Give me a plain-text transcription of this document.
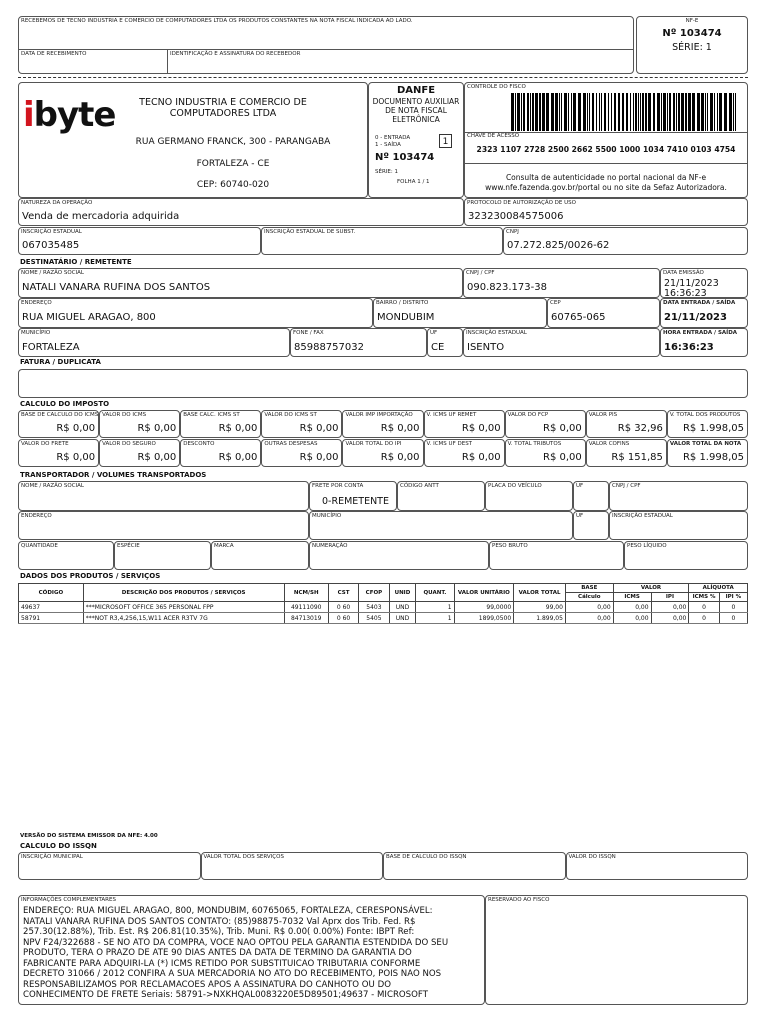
RECEBEMOS DE TECNO INDUSTRIA E COMERCIO DE COMPUTADORES LTDA OS PRODUTOS CONSTANTES NA NOTA FISCAL INDICADA AO LADO.
DATA DE RECEBIMENTO	IDENTIFICAÇÃO E ASSINATURA DO RECEBEDOR
NF-E
Nº 103474
SÉRIE: 1
ibyte	TECNO INDUSTRIA E COMERCIO DE COMPUTADORES LTDA
RUA GERMANO FRANCK, 300 - PARANGABA
FORTALEZA - CE
CEP: 60740-020
DANFE
DOCUMENTO AUXILIAR DE NOTA FISCAL ELETRÔNICA
0 - ENTRADA
1 - SAÍDA	1
Nº 103474
SÉRIE: 1
FOLHA 1 / 1
CONTROLE DO FISCO
CHAVE DE ACESSO
2323 1107 2728 2500 2662 5500 1000 1034 7410 0103 4754
Consulta de autenticidade no portal nacional da NF-e
www.nfe.fazenda.gov.br/portal ou no site da Sefaz Autorizadora.
NATUREZA DA OPERAÇÃO
Venda de mercadoria adquirida
PROTOCOLO DE AUTORIZAÇÃO DE USO
323230084575006
INSCRIÇÃO ESTADUAL
067035485
INSCRIÇÃO ESTADUAL DE SUBST.	CNPJ
07.272.825/0026-62
DESTINATÁRIO / REMETENTE
NOME / RAZÃO SOCIAL
NATALI VANARA RUFINA DOS SANTOS
CNPJ / CPF
090.823.173-38
DATA EMISSÃO
21/11/2023
16:36:23
ENDEREÇO
RUA MIGUEL ARAGAO, 800
BAIRRO / DISTRITO
MONDUBIM
CEP
60765-065
DATA ENTRADA / SAÍDA
21/11/2023
MUNICÍPIO
FORTALEZA
FONE / FAX
85988757032
UF
CE
INSCRIÇÃO ESTADUAL
ISENTO
HORA ENTRADA / SAÍDA
16:36:23
FATURA / DUPLICATA
CALCULO DO IMPOSTO
BASE DE CALCULO DO ICMS
R$ 0,00
VALOR DO ICMS
R$ 0,00
BASE CALC. ICMS ST
R$ 0,00
VALOR DO ICMS ST
R$ 0,00
VALOR IMP IMPORTAÇÃO
R$ 0,00
V. ICMS UF REMET
R$ 0,00
VALOR DO FCP
R$ 0,00
VALOR PIS
R$ 32,96
V. TOTAL DOS PRODUTOS
R$ 1.998,05
VALOR DO FRETE
R$ 0,00
VALOR DO SEGURO
R$ 0,00
DESCONTO
R$ 0,00
OUTRAS DESPESAS
R$ 0,00
VALOR TOTAL DO IPI
R$ 0,00
V. ICMS UF DEST
R$ 0,00
V. TOTAL TRIBUTOS
R$ 0,00
VALOR COFINS
R$ 151,85
VALOR TOTAL DA NOTA
R$ 1.998,05
TRANSPORTADOR / VOLUMES TRANSPORTADOS
NOME / RAZÃO SOCIAL	FRETE POR CONTA
0-REMETENTE
CÓDIGO ANTT	PLACA DO VEÍCULO	UF	CNPJ / CPF
ENDEREÇO	MUNICÍPIO	UF	INSCRIÇÃO ESTADUAL
QUANTIDADE	ESPÉCIE	MARCA	NUMERAÇÃO	PESO BRUTO	PESO LÍQUIDO
DADOS DOS PRODUTOS / SERVIÇOS
CÓDIGO	DESCRIÇÃO DOS PRODUTOS / SERVIÇOS	NCM/SH	CST	CFOP	UNID	QUANT.	VALOR UNITÁRIO	VALOR TOTAL	BASE	VALOR		ALÍQUOTA	
									Cálculo	ICMS	IPI	ICMS %	IPI %
49637	***MICROSOFT OFFICE 365 PERSONAL FPP	49111090	0 60	5403	UND	1	99,0000	99,00	0,00	0,00	0,00	0	0
58791	***NOT R3,4,256,15,W11 ACER R3TV 7G	84713019	0 60	5405	UND	1	1899,0500	1.899,05	0,00	0,00	0,00	0	0
VERSÃO DO SISTEMA EMISSOR DA NFE: 4.00
CALCULO DO ISSQN
INSCRIÇÃO MUNICIPAL	VALOR TOTAL DOS SERVIÇOS	BASE DE CALCULO DO ISSQN	VALOR DO ISSQN
INFORMAÇÕES COMPLEMENTARES
ENDEREÇO: RUA MIGUEL ARAGAO, 800, MONDUBIM, 60765065, FORTALEZA, CERESPONSÁVEL:
NATALI VANARA RUFINA DOS SANTOS CONTATO: (85)98875-7032 Val Aprx dos Trib. Fed. R$
257.30(12.88%), Trib. Est. R$ 206.81(10.35%), Trib. Muni. R$ 0.00( 0.00%) Fonte: IBPT Ref:
NPV F24/322688 - SE NO ATO DA COMPRA, VOCE NAO OPTOU PELA GARANTIA ESTENDIDA DO SEU
PRODUTO, TERA O PRAZO DE ATE 90 DIAS ANTES DA DATA DE TERMINO DA GARANTIA DO
FABRICANTE PARA ADQUIRI-LA (*) ICMS RETIDO POR SUBSTITUICAO TRIBUTARIA CONFORME
DECRETO 31066 / 2012 CONFIRA A SUA MERCADORIA NO ATO DO RECEBIMENTO, POIS NAO NOS
RESPONSABILIZAMOS POR RECLAMACOES APOS A ASSINATURA DO CANHOTO OU DO
CONHECIMENTO DE FRETE Seriais: 58791->NXKHQAL0083220E5D89501;49637 - MICROSOFT
RESERVADO AO FISCO
